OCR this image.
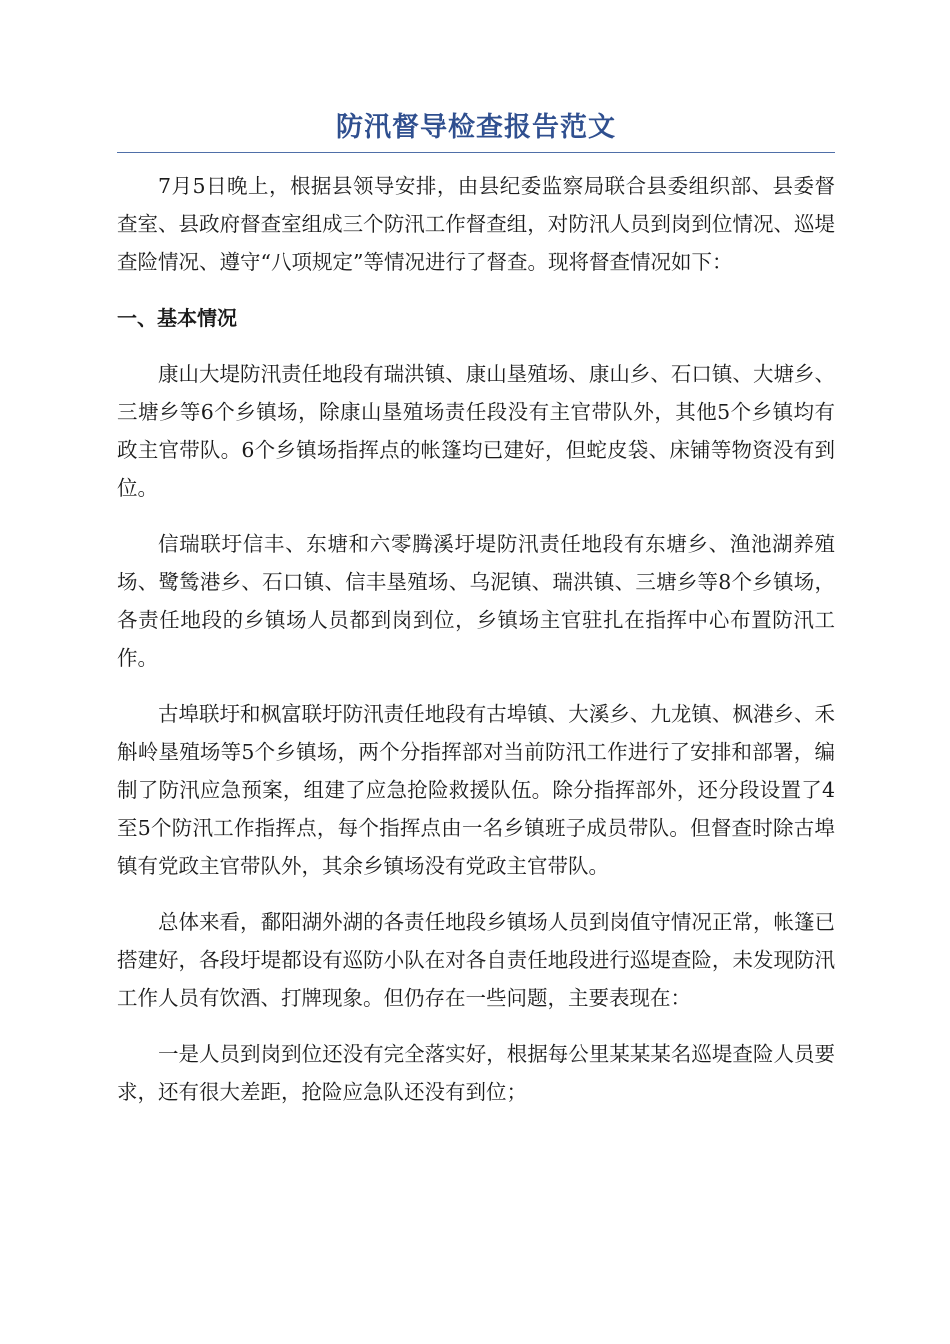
防汛督导检查报告范文

7月5日晚上，根据县领导安排，由县纪委监察局联合县委组织部、县委督查室、县政府督查室组成三个防汛工作督查组，对防汛人员到岗到位情况、巡堤查险情况、遵守“八项规定”等情况进行了督查。现将督查情况如下：

一、基本情况

康山大堤防汛责任地段有瑞洪镇、康山垦殖场、康山乡、石口镇、大塘乡、三塘乡等6个乡镇场，除康山垦殖场责任段没有主官带队外，其他5个乡镇均有政主官带队。6个乡镇场指挥点的帐篷均已建好，但蛇皮袋、床铺等物资没有到位。

信瑞联圩信丰、东塘和六零腾溪圩堤防汛责任地段有东塘乡、渔池湖养殖场、鹭鸶港乡、石口镇、信丰垦殖场、乌泥镇、瑞洪镇、三塘乡等8个乡镇场，各责任地段的乡镇场人员都到岗到位，乡镇场主官驻扎在指挥中心布置防汛工作。

古埠联圩和枫富联圩防汛责任地段有古埠镇、大溪乡、九龙镇、枫港乡、禾斛岭垦殖场等5个乡镇场，两个分指挥部对当前防汛工作进行了安排和部署，编制了防汛应急预案，组建了应急抢险救援队伍。除分指挥部外，还分段设置了4至5个防汛工作指挥点，每个指挥点由一名乡镇班子成员带队。但督查时除古埠镇有党政主官带队外，其余乡镇场没有党政主官带队。

总体来看，鄱阳湖外湖的各责任地段乡镇场人员到岗值守情况正常，帐篷已搭建好，各段圩堤都设有巡防小队在对各自责任地段进行巡堤查险，未发现防汛工作人员有饮酒、打牌现象。但仍存在一些问题，主要表现在：

一是人员到岗到位还没有完全落实好，根据每公里某某某名巡堤查险人员要求，还有很大差距，抢险应急队还没有到位；
